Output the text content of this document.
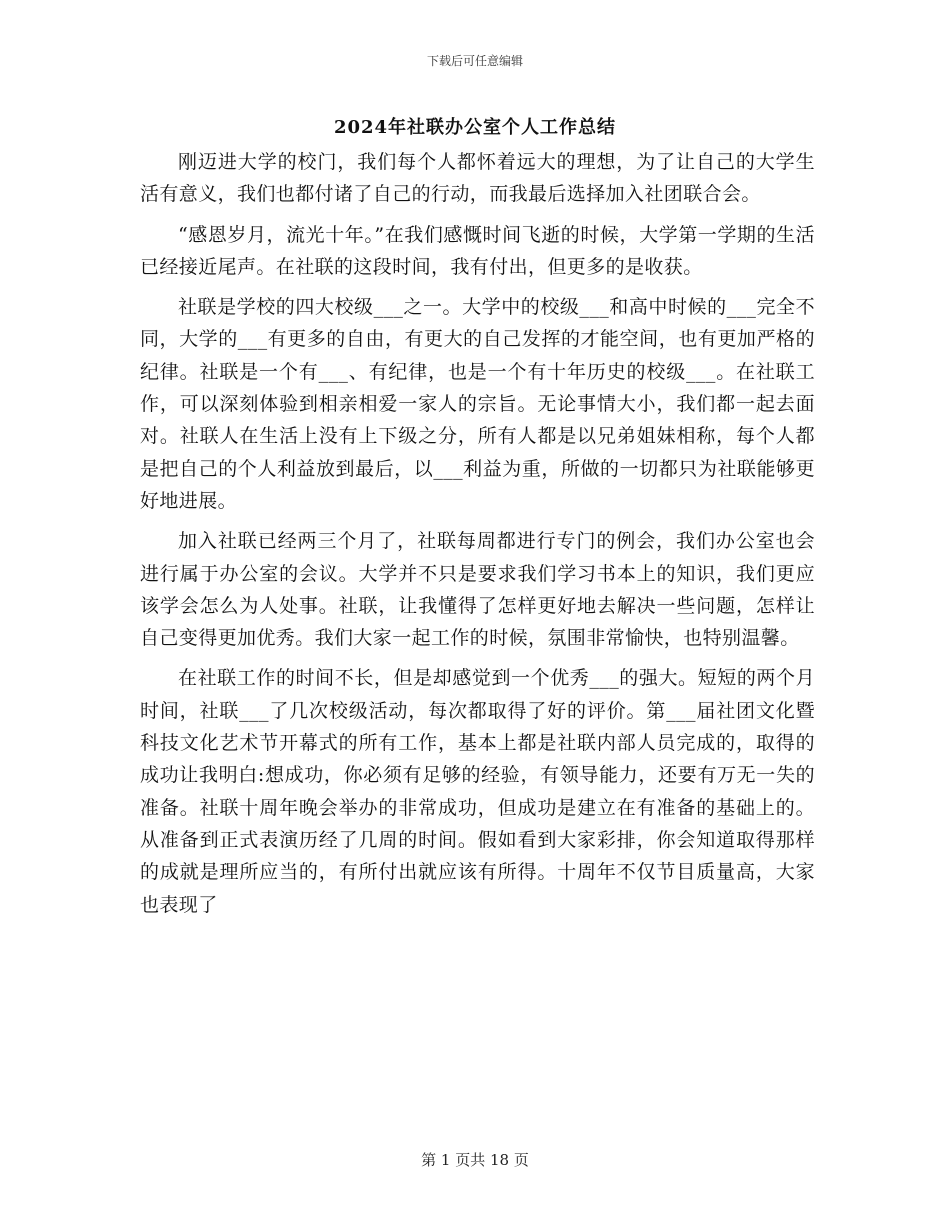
下载后可任意编辑
2024年社联办公室个人工作总结

刚迈进大学的校门，我们每个人都怀着远大的理想，为了让自己的大学生活有意义，我们也都付诸了自己的行动，而我最后选择加入社团联合会。

“感恩岁月，流光十年。”在我们感慨时间飞逝的时候，大学第一学期的生活已经接近尾声。在社联的这段时间，我有付出，但更多的是收获。

社联是学校的四大校级___之一。大学中的校级___和高中时候的___完全不同，大学的___有更多的自由，有更大的自己发挥的才能空间，也有更加严格的纪律。社联是一个有___、有纪律，也是一个有十年历史的校级___。在社联工作，可以深刻体验到相亲相爱一家人的宗旨。无论事情大小，我们都一起去面对。社联人在生活上没有上下级之分，所有人都是以兄弟姐妹相称，每个人都是把自己的个人利益放到最后，以___利益为重，所做的一切都只为社联能够更好地进展。

加入社联已经两三个月了，社联每周都进行专门的例会，我们办公室也会进行属于办公室的会议。大学并不只是要求我们学习书本上的知识，我们更应该学会怎么为人处事。社联，让我懂得了怎样更好地去解决一些问题，怎样让自己变得更加优秀。我们大家一起工作的时候，氛围非常愉快，也特别温馨。

在社联工作的时间不长，但是却感觉到一个优秀___的强大。短短的两个月时间，社联___了几次校级活动，每次都取得了好的评价。第___届社团文化暨科技文化艺术节开幕式的所有工作，基本上都是社联内部人员完成的，取得的成功让我明白:想成功，你必须有足够的经验，有领导能力，还要有万无一失的准备。社联十周年晚会举办的非常成功，但成功是建立在有准备的基础上的。从准备到正式表演历经了几周的时间。假如看到大家彩排，你会知道取得那样的成就是理所应当的，有所付出就应该有所得。十周年不仅节目质量高，大家也表现了

第 1 页共 18 页
